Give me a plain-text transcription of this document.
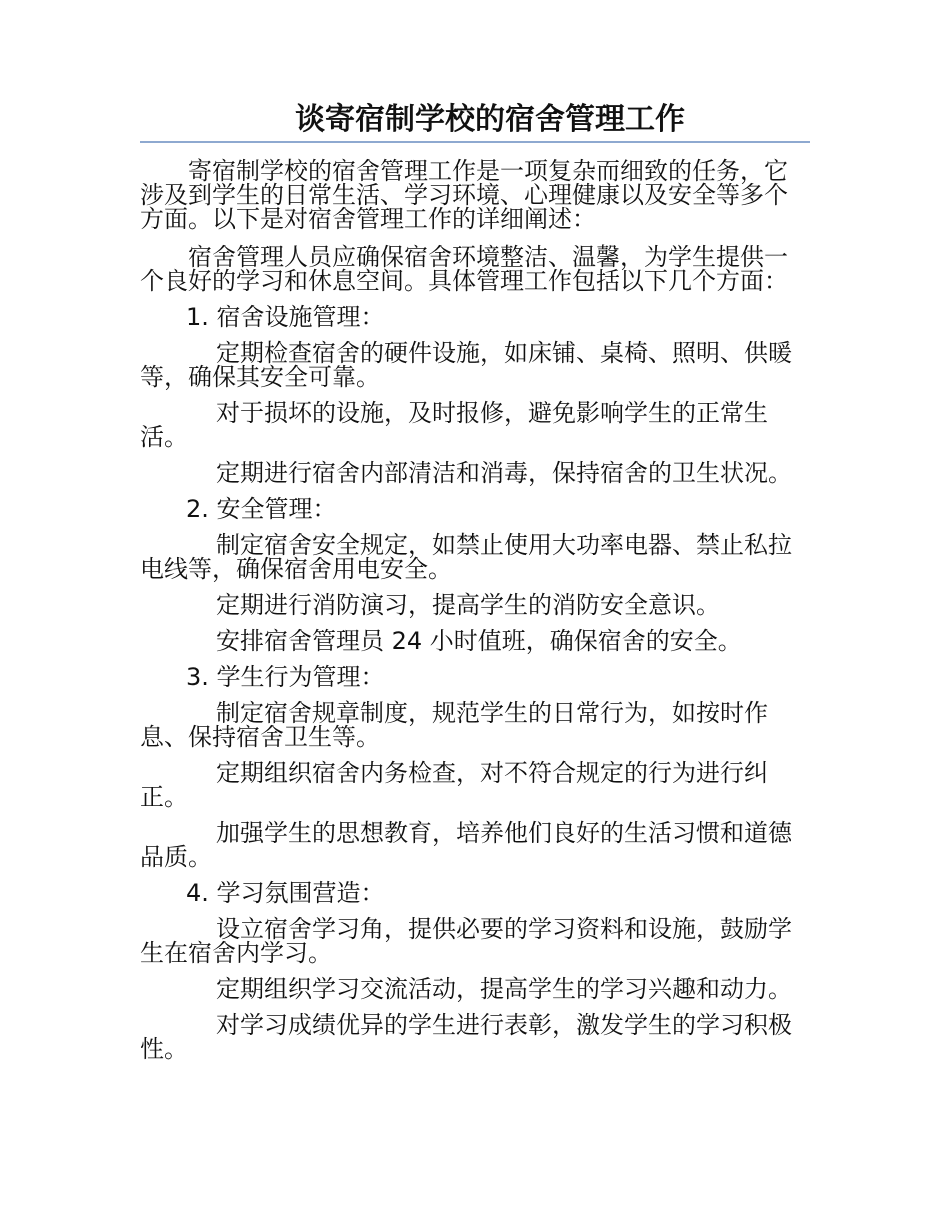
谈寄宿制学校的宿舍管理工作

寄宿制学校的宿舍管理工作是一项复杂而细致的任务，它涉及到学生的日常生活、学习环境、心理健康以及安全等多个方面。以下是对宿舍管理工作的详细阐述：

宿舍管理人员应确保宿舍环境整洁、温馨，为学生提供一个良好的学习和休息空间。具体管理工作包括以下几个方面：

1. 宿舍设施管理：

定期检查宿舍的硬件设施，如床铺、桌椅、照明、供暖等，确保其安全可靠。

对于损坏的设施，及时报修，避免影响学生的正常生活。

定期进行宿舍内部清洁和消毒，保持宿舍的卫生状况。

2. 安全管理：

制定宿舍安全规定，如禁止使用大功率电器、禁止私拉电线等，确保宿舍用电安全。

定期进行消防演习，提高学生的消防安全意识。

安排宿舍管理员 24 小时值班，确保宿舍的安全。

3. 学生行为管理：

制定宿舍规章制度，规范学生的日常行为，如按时作息、保持宿舍卫生等。

定期组织宿舍内务检查，对不符合规定的行为进行纠正。

加强学生的思想教育，培养他们良好的生活习惯和道德品质。

4. 学习氛围营造：

设立宿舍学习角，提供必要的学习资料和设施，鼓励学生在宿舍内学习。

定期组织学习交流活动，提高学生的学习兴趣和动力。

对学习成绩优异的学生进行表彰，激发学生的学习积极性。
